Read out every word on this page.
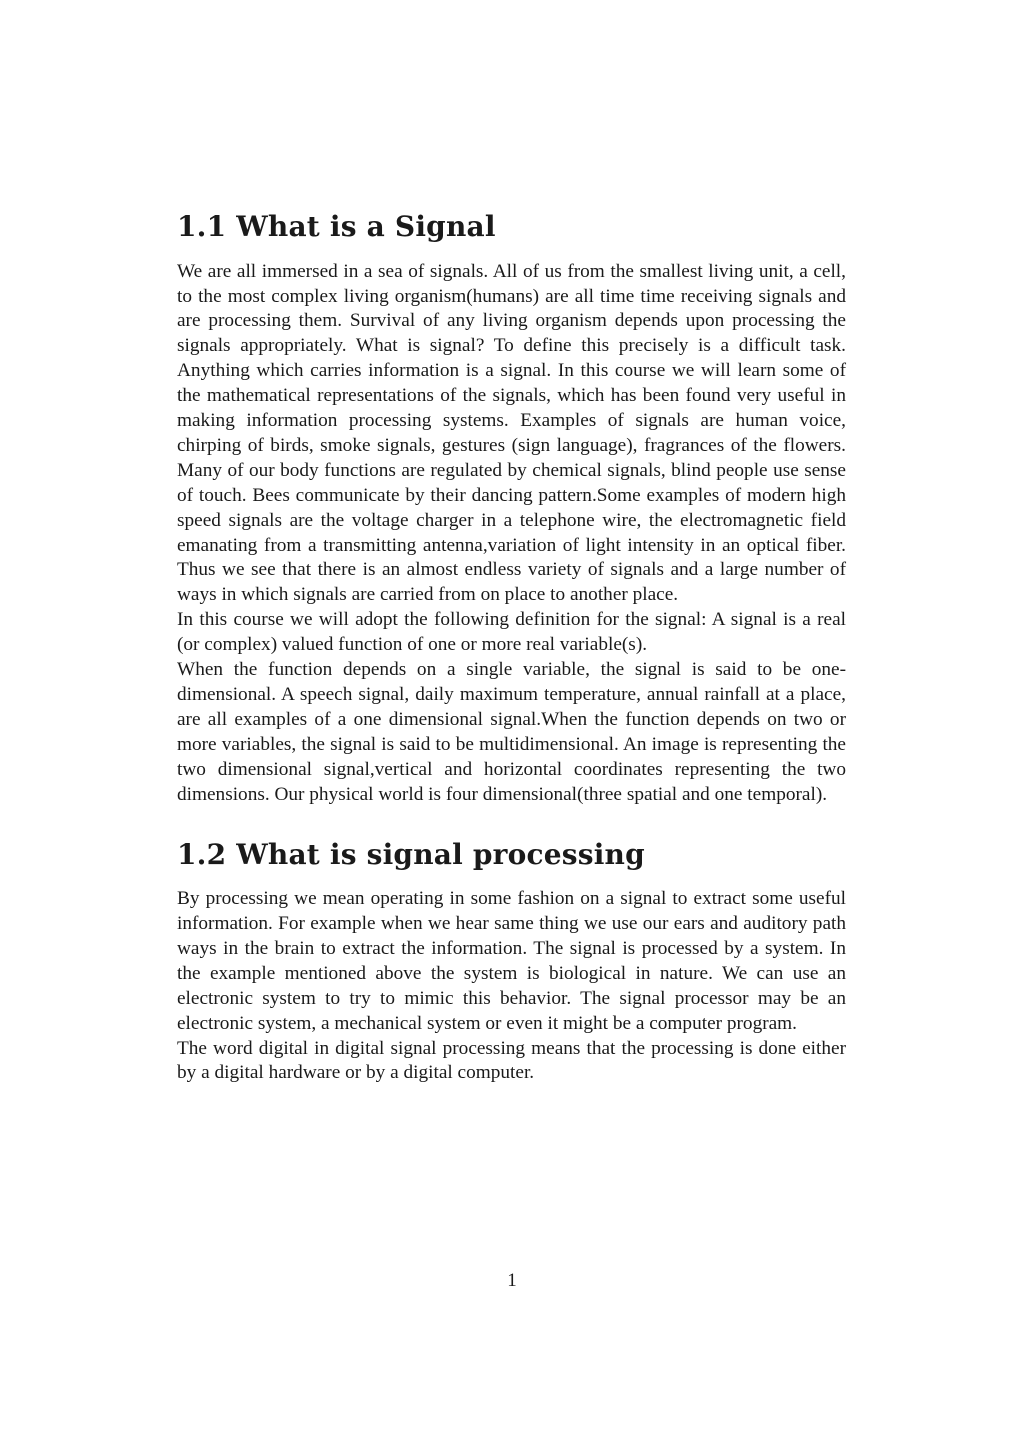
1.1 What is a Signal

We are all immersed in a sea of signals. All of us from the smallest living unit, a cell, to the most complex living organism(humans) are all time time receiving signals and are processing them. Survival of any living organism depends upon processing the signals appropriately. What is signal? To define this precisely is a difficult task. Anything which carries information is a signal. In this course we will learn some of the mathematical representations of the signals, which has been found very useful in making information processing systems. Examples of signals are human voice, chirping of birds, smoke signals, gestures (sign language), fragrances of the flowers. Many of our body functions are regulated by chemical signals, blind people use sense of touch. Bees communicate by their dancing pattern.Some examples of modern high speed signals are the voltage charger in a telephone wire, the electromagnetic field emanating from a transmitting antenna,variation of light intensity in an optical fiber. Thus we see that there is an almost endless variety of signals and a large number of ways in which signals are carried from on place to another place.

In this course we will adopt the following definition for the signal: A signal is a real (or complex) valued function of one or more real variable(s).

When the function depends on a single variable, the signal is said to be one-dimensional. A speech signal, daily maximum temperature, annual rainfall at a place, are all examples of a one dimensional signal.When the function depends on two or more variables, the signal is said to be multidimensional. An image is representing the two dimensional signal,vertical and horizontal coordinates representing the two dimensions. Our physical world is four dimensional(three spatial and one temporal).

1.2 What is signal processing

By processing we mean operating in some fashion on a signal to extract some useful information. For example when we hear same thing we use our ears and auditory path ways in the brain to extract the information. The signal is processed by a system. In the example mentioned above the system is biological in nature. We can use an electronic system to try to mimic this behavior. The signal processor may be an electronic system, a mechanical system or even it might be a computer program.

The word digital in digital signal processing means that the processing is done either by a digital hardware or by a digital computer.

1
